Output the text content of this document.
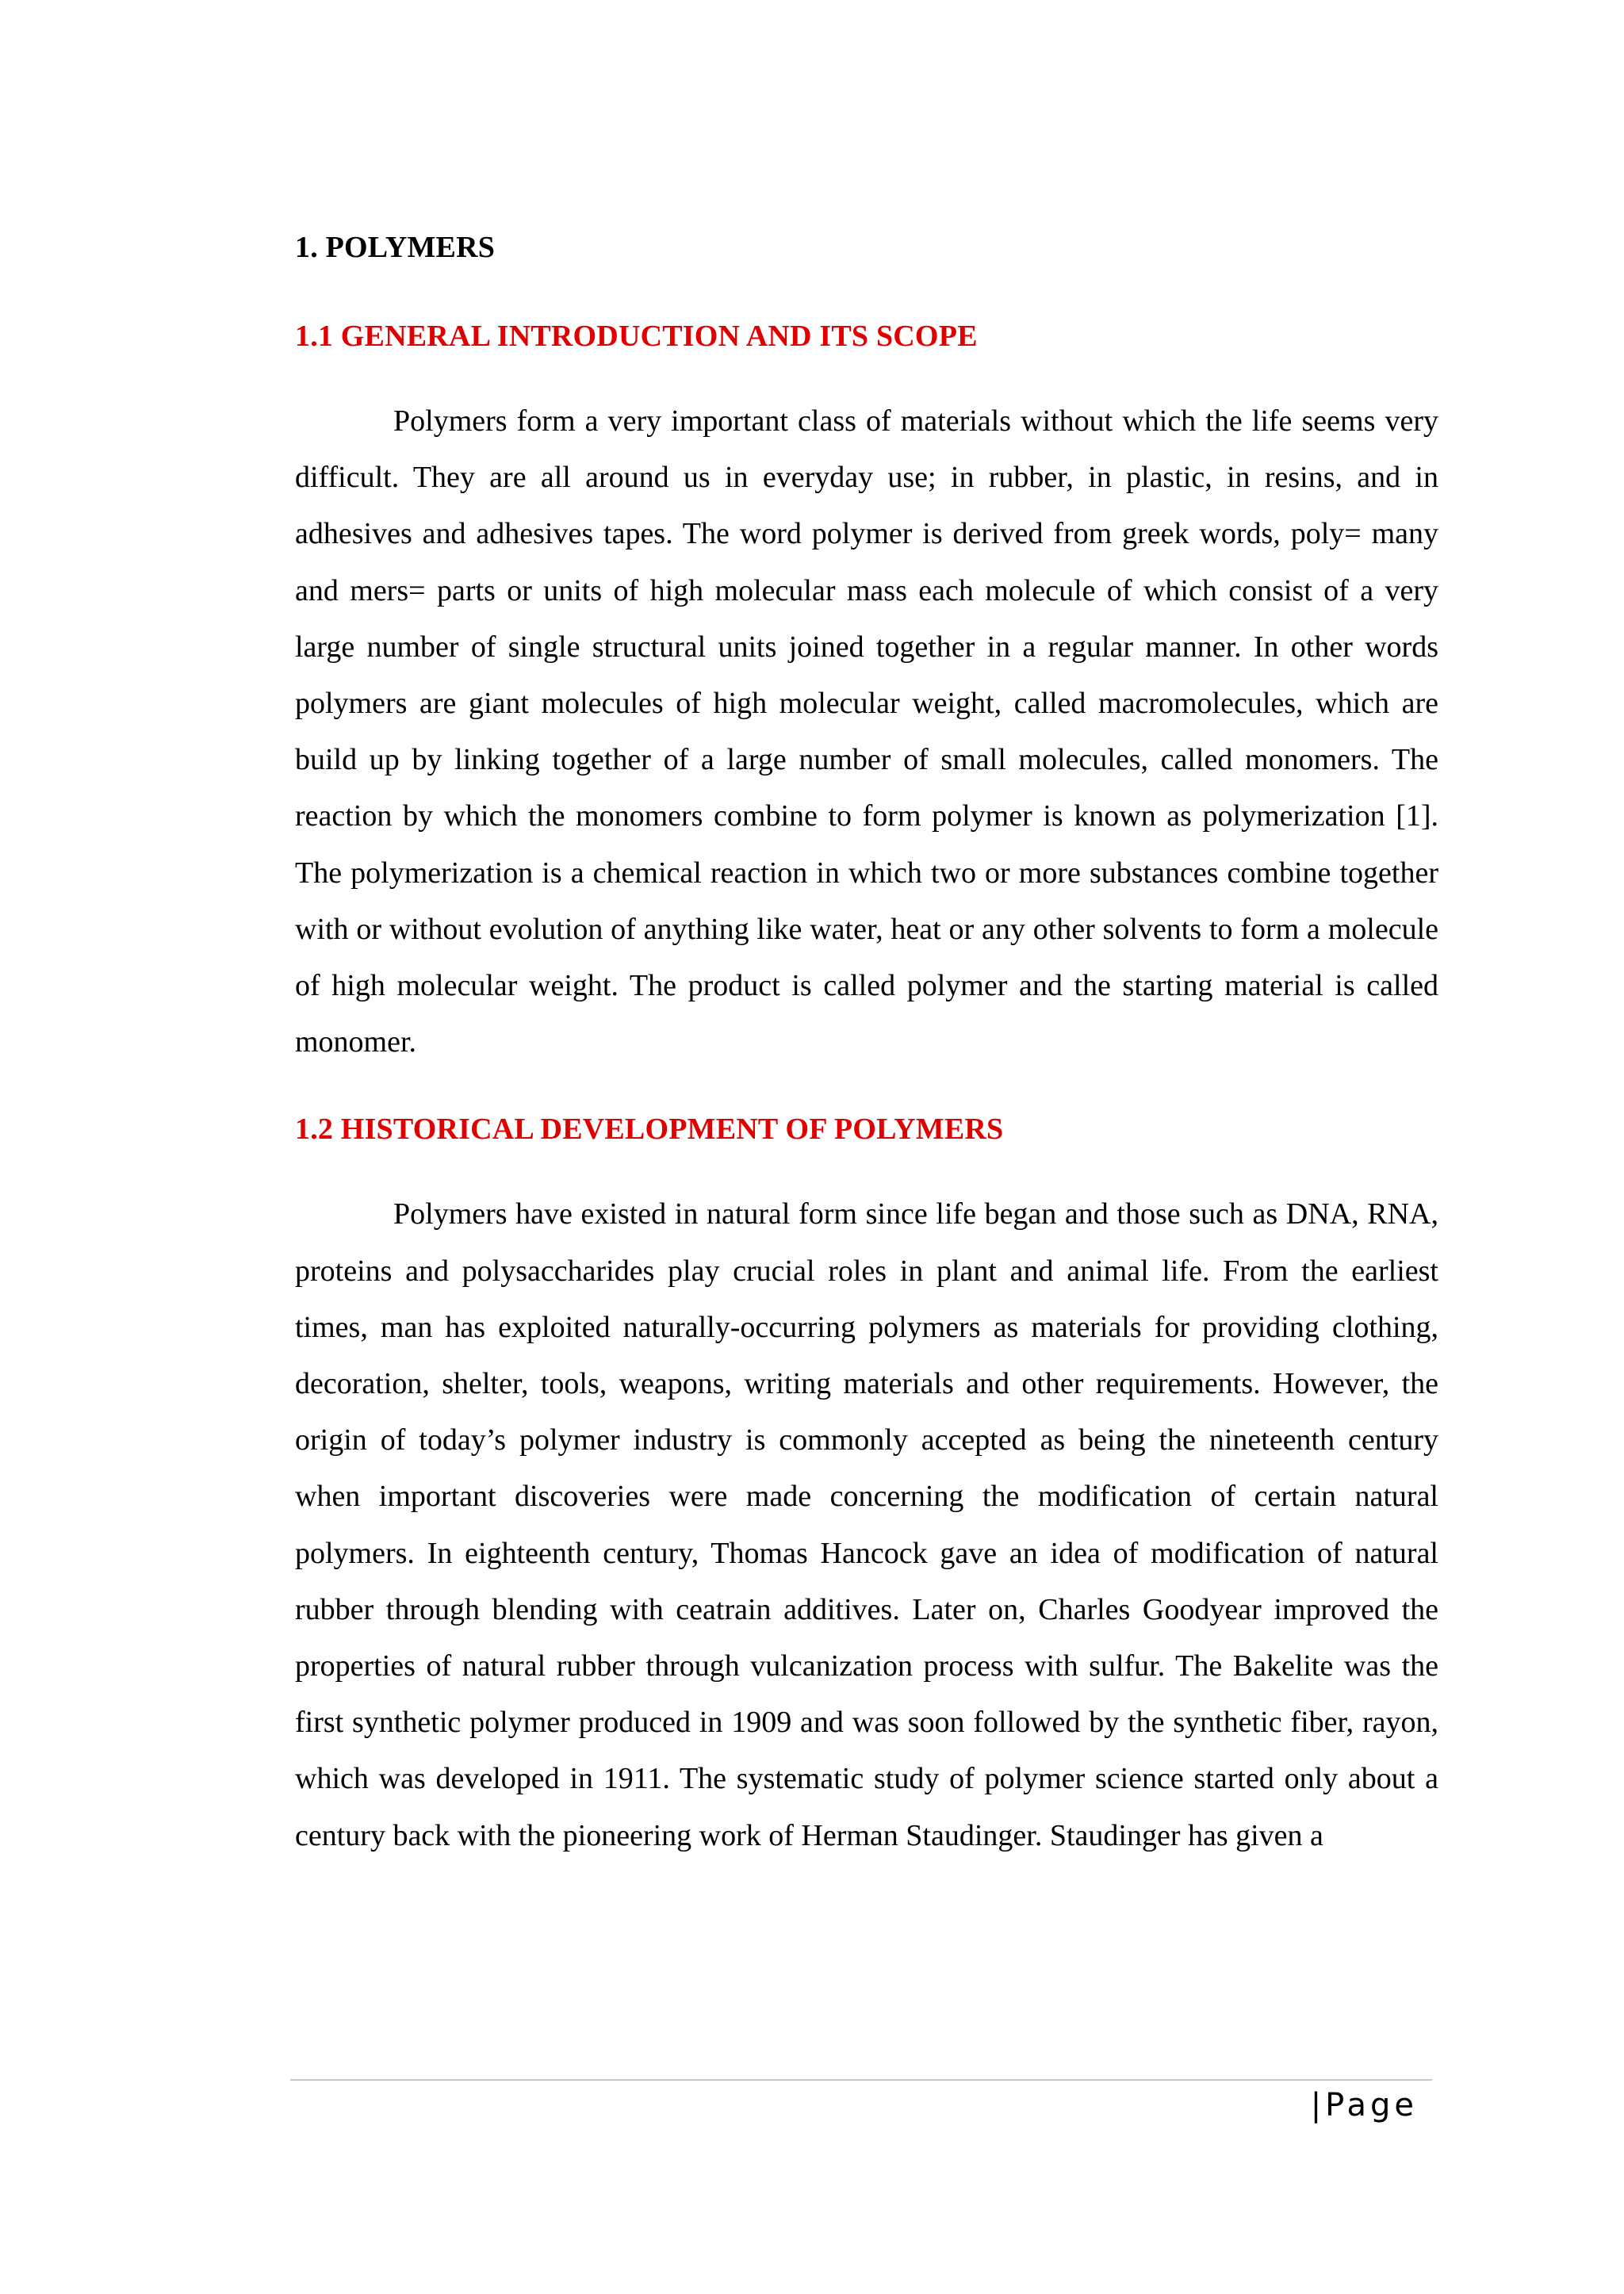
1. POLYMERS
1.1 GENERAL INTRODUCTION AND ITS SCOPE

Polymers form a very important class of materials without which the life seems very difficult. They are all around us in everyday use; in rubber, in plastic, in resins, and in adhesives and adhesives tapes. The word polymer is derived from greek words, poly= many and mers= parts or units of high molecular mass each molecule of which consist of a very large number of single structural units joined together in a regular manner. In other words polymers are giant molecules of high molecular weight, called macromolecules, which are build up by linking together of a large number of small molecules, called monomers. The reaction by which the monomers combine to form polymer is known as polymerization [1]. The polymerization is a chemical reaction in which two or more substances combine together with or without evolution of anything like water, heat or any other solvents to form a molecule of high molecular weight. The product is called polymer and the starting material is called monomer.

1.2 HISTORICAL DEVELOPMENT OF POLYMERS

Polymers have existed in natural form since life began and those such as DNA, RNA, proteins and polysaccharides play crucial roles in plant and animal life. From the earliest times, man has exploited naturally-occurring polymers as materials for providing clothing, decoration, shelter, tools, weapons, writing materials and other requirements. However, the origin of today’s polymer industry is commonly accepted as being the nineteenth century when important discoveries were made concerning the modification of certain natural polymers. In eighteenth century, Thomas Hancock gave an idea of modification of natural rubber through blending with ceatrain additives. Later on, Charles Goodyear improved the properties of natural rubber through vulcanization process with sulfur. The Bakelite was the first synthetic polymer produced in 1909 and was soon followed by the synthetic fiber, rayon, which was developed in 1911. The systematic study of polymer science started only about a century back with the pioneering work of Herman Staudinger. Staudinger has given a

|Page
